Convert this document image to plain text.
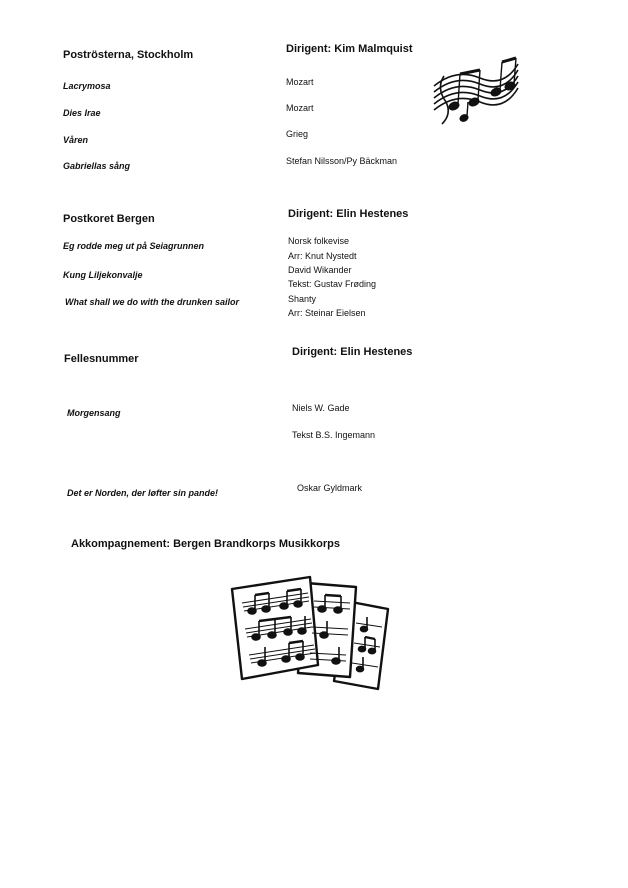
Poströsterna, Stockholm	Dirigent: Kim Malmquist
Lacrymosa
Dies Irae
Våren
Gabriellas sång
Mozart
Mozart
Grieg
Stefan Nilsson/Py Bäckman
Postkoret Bergen	Dirigent: Elin Hestenes
Eg rodde meg ut på Seiagrunnen
Kung Liljekonvalje
What shall we do with the drunken sailor
Norsk folkevise
Arr: Knut Nystedt
David Wikander
Tekst: Gustav Frøding
Shanty
Arr: Steinar Eielsen
Fellesnummer
Dirigent: Elin Hestenes
Morgensang
Det er Norden, der løfter sin pande!
Niels W. Gade
Tekst B.S. Ingemann
Oskar Gyldmark
Akkompagnement: Bergen Brandkorps Musikkorps
